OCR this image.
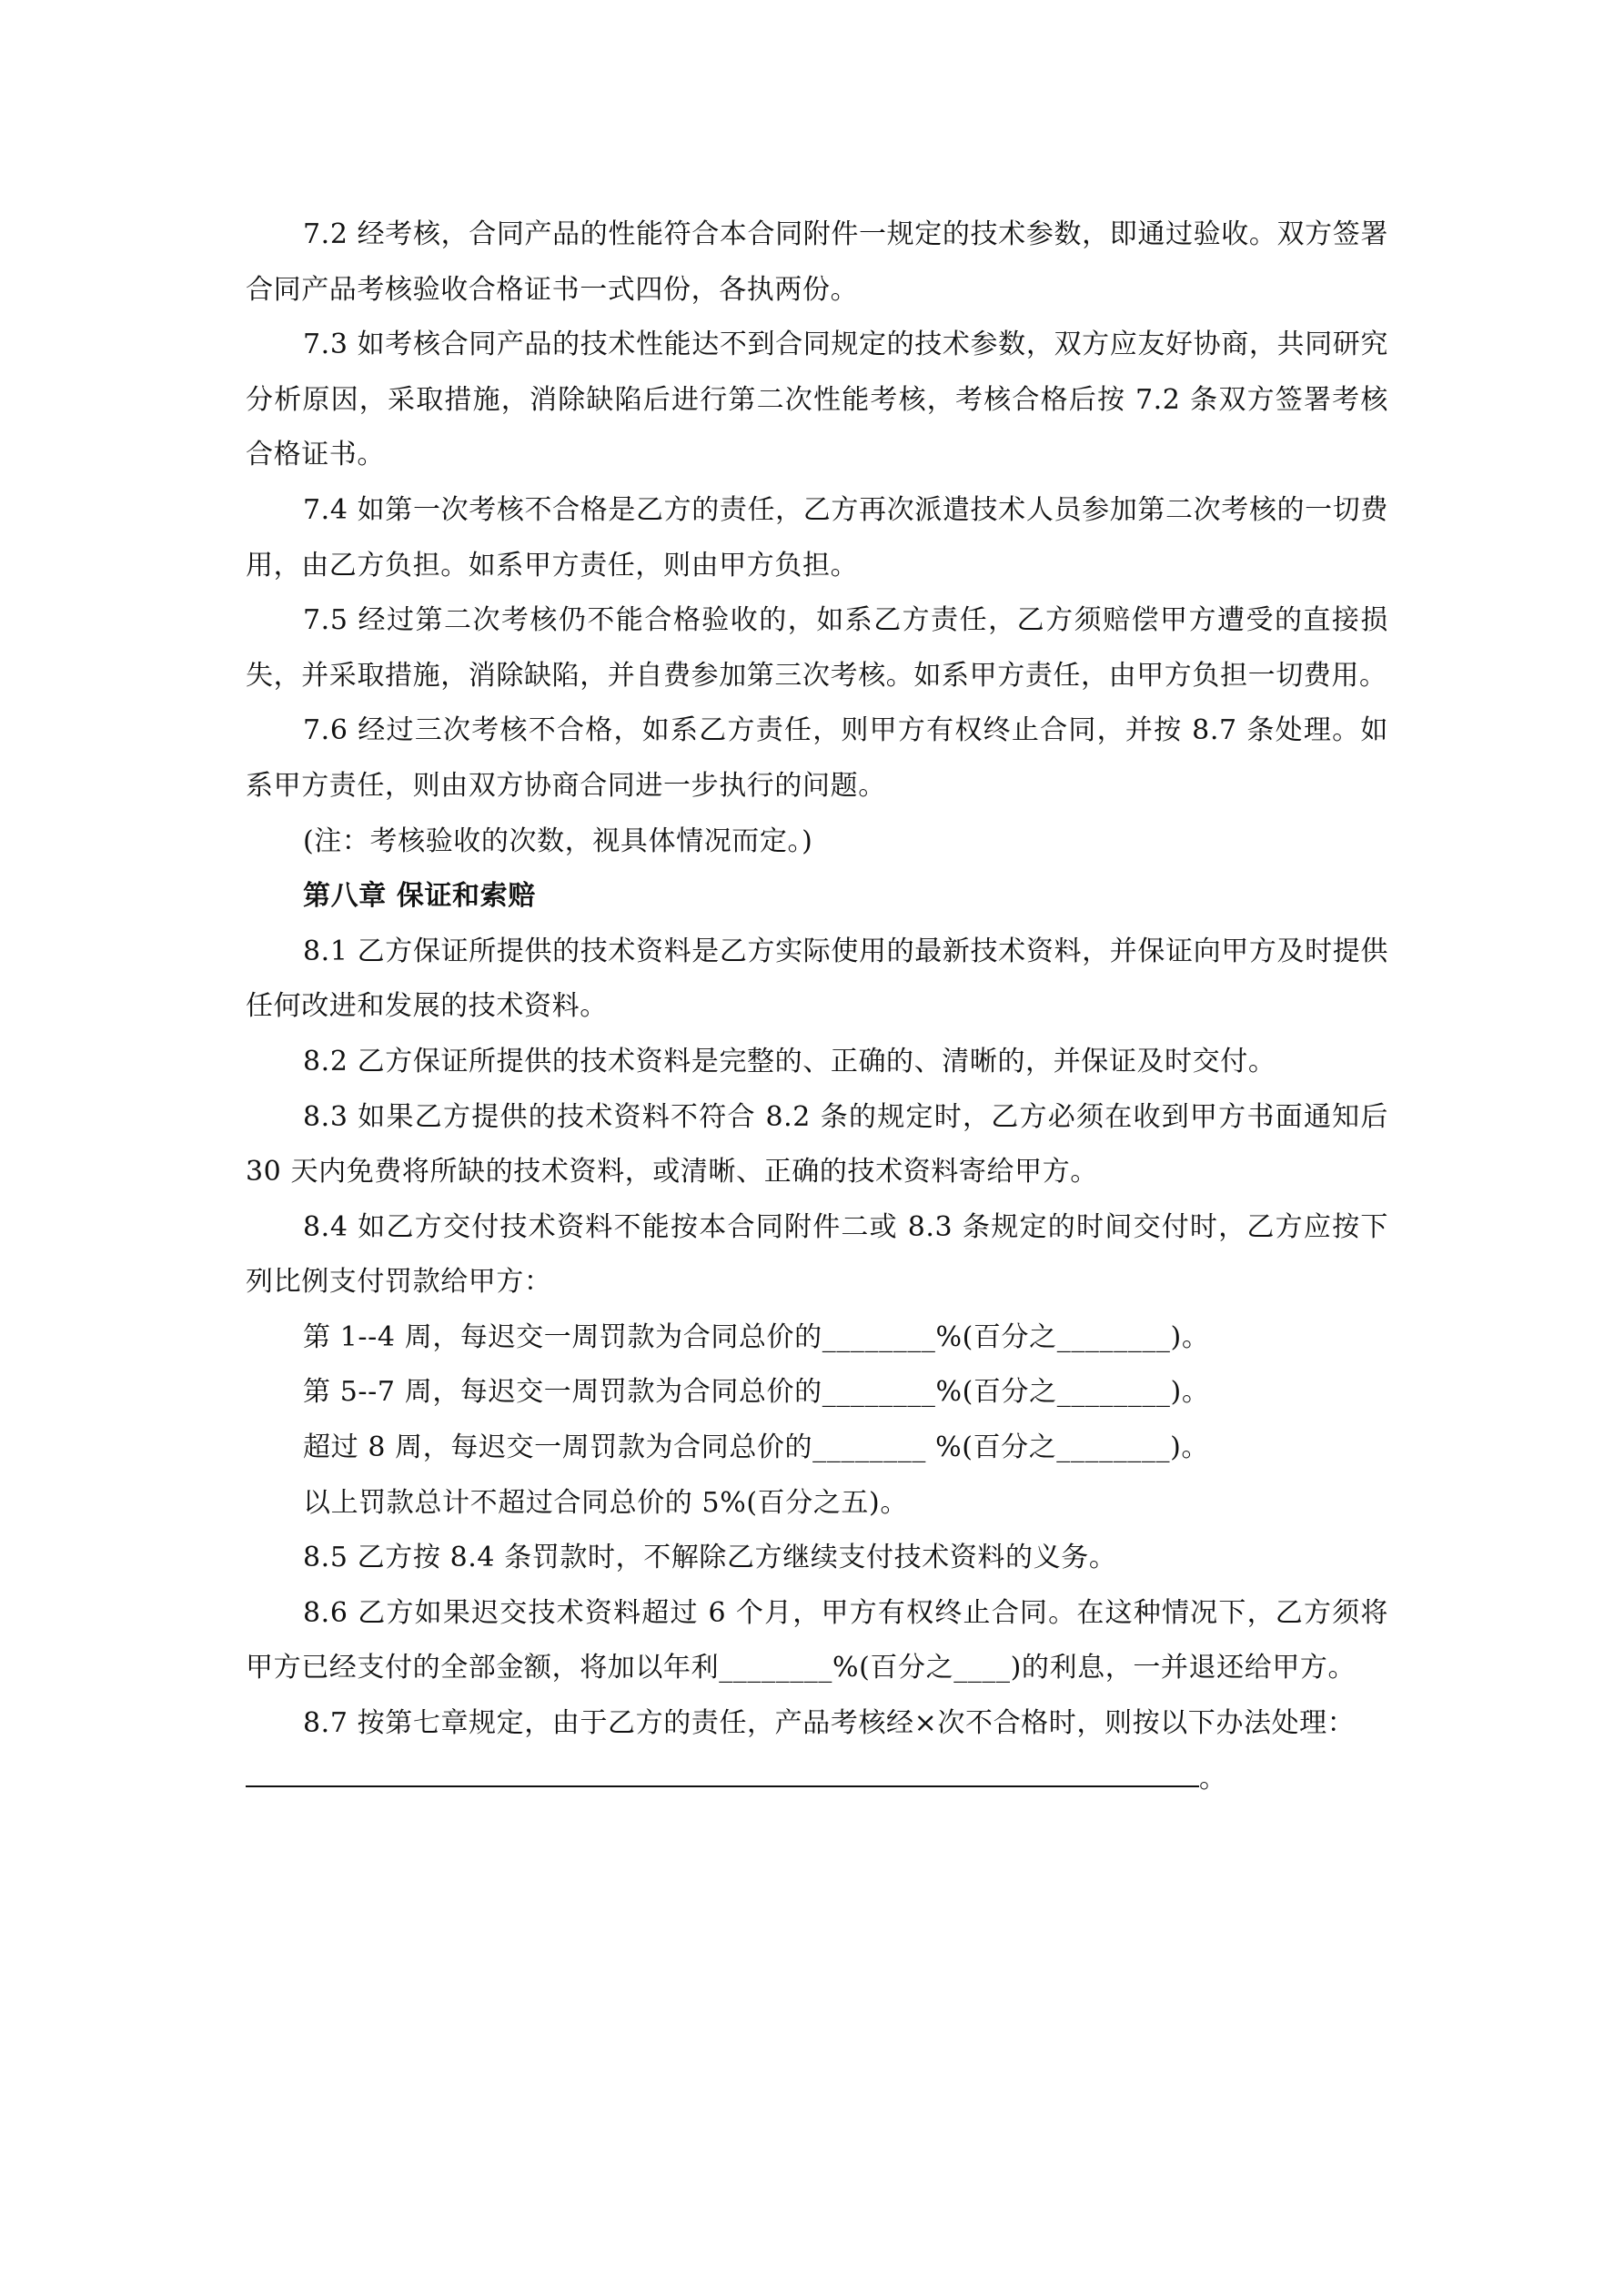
7.2 经考核，合同产品的性能符合本合同附件一规定的技术参数，即通过验收。双方签署合同产品考核验收合格证书一式四份，各执两份。

7.3 如考核合同产品的技术性能达不到合同规定的技术参数，双方应友好协商，共同研究分析原因，采取措施，消除缺陷后进行第二次性能考核，考核合格后按 7.2 条双方签署考核合格证书。

7.4 如第一次考核不合格是乙方的责任，乙方再次派遣技术人员参加第二次考核的一切费用，由乙方负担。如系甲方责任，则由甲方负担。

7.5 经过第二次考核仍不能合格验收的，如系乙方责任，乙方须赔偿甲方遭受的直接损失，并采取措施，消除缺陷，并自费参加第三次考核。如系甲方责任，由甲方负担一切费用。

7.6 经过三次考核不合格，如系乙方责任，则甲方有权终止合同，并按 8.7 条处理。如系甲方责任，则由双方协商合同进一步执行的问题。

(注：考核验收的次数，视具体情况而定。)

第八章 保证和索赔

8.1 乙方保证所提供的技术资料是乙方实际使用的最新技术资料，并保证向甲方及时提供任何改进和发展的技术资料。

8.2 乙方保证所提供的技术资料是完整的、正确的、清晰的，并保证及时交付。

8.3 如果乙方提供的技术资料不符合 8.2 条的规定时，乙方必须在收到甲方书面通知后 30 天内免费将所缺的技术资料，或清晰、正确的技术资料寄给甲方。

8.4 如乙方交付技术资料不能按本合同附件二或 8.3 条规定的时间交付时，乙方应按下列比例支付罚款给甲方：

第 1--4 周，每迟交一周罚款为合同总价的________%(百分之________)。

第 5--7 周，每迟交一周罚款为合同总价的________%(百分之________)。

超过 8 周，每迟交一周罚款为合同总价的________ %(百分之________)。

以上罚款总计不超过合同总价的 5%(百分之五)。

8.5 乙方按 8.4 条罚款时，不解除乙方继续支付技术资料的义务。

8.6 乙方如果迟交技术资料超过 6 个月，甲方有权终止合同。在这种情况下，乙方须将甲方已经支付的全部金额，将加以年利________%(百分之____)的利息，一并退还给甲方。

8.7 按第七章规定，由于乙方的责任，产品考核经×次不合格时，则按以下办法处理：

。
